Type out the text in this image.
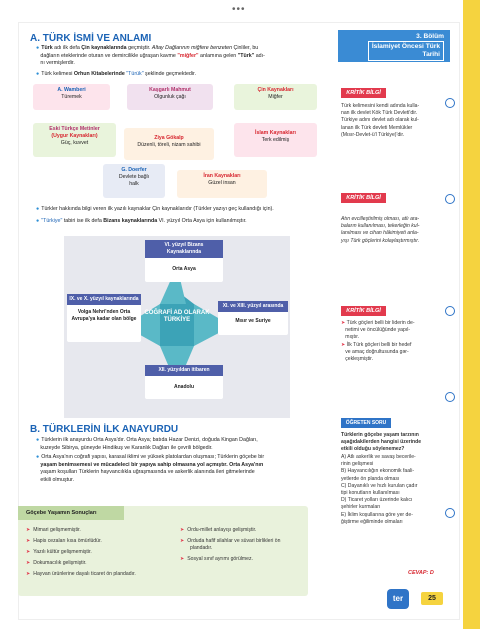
•••
A. TÜRK İSMİ VE ANLAMI
● Türk adı ilk defa Çin kaynaklarında geçmiştir. Altay Dağlarının miğfere benzeten Çinliler, bu
dağların eteklerinde oturan ve demircilikle uğraşan kavme "miğfer" anlamına gelen "Türk" adı-
nı vermişlerdir.
● Türk kelimesi Orhun Kitabelerinde "Türük" şeklinde geçmektedir.
A. Wamberi
Türemek
Kaşgarlı Mahmut
Olgunluk çağı
Çin Kaynakları
Miğfer
Eski Türkçe Metinler
(Uygur Kaynakları)
Güç, kuvvet
Ziya Gökalp
Düzenli, töreli, nizam sahibi
İslam Kaynakları
Terk edilmiş
G. Doerfer
Devlete bağlı
halk
İran Kaynakları
Güzel insan
● Türkler hakkında bilgi veren ilk yazılı kaynaklar Çin kaynaklarıdır (Türkler yazıyı geç kullandığı için).
● "Türkiye" tabiri ise ilk defa Bizans kaynaklarında VI. yüzyıl Orta Asya için kullanılmıştır.
COĞRAFİ AD OLARAK TÜRKİYE
VI. yüzyıl Bizans Kaynaklarında
Orta Asya
IX. ve X. yüzyıl kaynaklarında
Volga Nehri'nden Orta Avrupa'ya kadar olan bölge
XI. ve XIII. yüzyıl arasında
Mısır ve Suriye
XII. yüzyıldan itibaren
Anadolu
B. TÜRKLERİN İLK ANAYURDU
● Türklerin ilk anayurdu Orta Asya'dır. Orta Asya; batıda Hazar Denizi, doğuda Kingan Dağları,
kuzeyde Sibirya, güneyde Hindikuş ve Karanlık Dağları ile çevrili bölgedir.
● Orta Asya'nın coğrafi yapısı, karasal iklimi ve yüksek platolardan oluşması; Türklerin göçebe bir
yaşam benimsemesi ve mücadeleci bir yapıya sahip olmasına yol açmıştır. Orta Asya'nın
yaşam koşulları Türklerin hayvancılıkla uğraşmasında ve askerlik alanında ileri gitmelerinde
etkili olmuştur.
Göçebe Yaşamın Sonuçları
➤ Mimari gelişmemiştir.
➤ Hapis cezaları kısa ömürlüdür.
➤ Yazılı kültür gelişmemiştir.
➤ Dokumacılık gelişmiştir.
➤ Hayvan ürünlerine dayalı ticaret ön plandadır.
➤ Ordu-millet anlayışı gelişmiştir.
➤ Orduda hafif silahlar ve süvari birlikleri ön
plandadır.
➤ Sosyal sınıf ayrımı görülmez.
3. Bölüm
İslamiyet Öncesi Türk
Tarihi
KRİTİK BİLGİ
Türk kelimesini kendi adında kulla-
nan ilk devlet Kök Türk Devleti'dir.
Türkiye adını devlet adı olarak kul-
lanan ilk Türk devleti Memlükler
(Mısır-Devlet-ü'l Türkiye)'dir.
KRİTİK BİLGİ
Atın evcilleştirilmiş olması, atlı ara-
baların kullanılması, tekerleğin kul-
lanılması ve cihan hâkimiyeti anla-
yışı Türk göçlerini kolaylaştırmıştır.
KRİTİK BİLGİ
➤ Türk göçleri belli bir liderin de-
netimi ve öncülüğünde yapıl-
mıştır.
➤ İlk Türk göçleri belli bir hedef
ve amaç doğrultusunda gər-
çekleşmiştir.
ÖĞRETEN SORU
Türklerin göçebe yaşam tarzının
aşağıdakilerden hangisi üzerinde
etkili olduğu söylenemez?
A) Atlı askerlik ve savaş becerile-
rinin gelişmesi
B) Hayvancılığın ekonomik faali-
yetlerde ön planda olması
C) Dayanıklı ve hızlı kurulan çadır
tipi konutların kullanılması
D) Ticaret yolları üzerinde kalıcı
şehirler kurmaları
E) İklim koşullarına göre yer de-
ğiştirme eğiliminde olmaları
CEVAP: D
ter	25
